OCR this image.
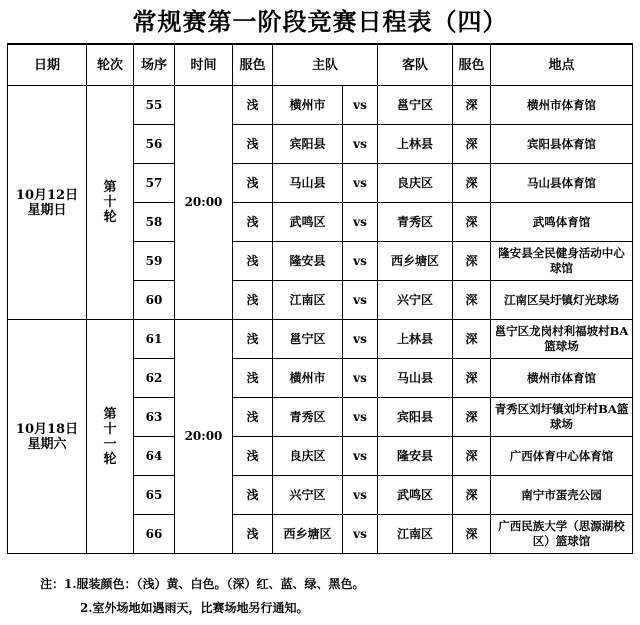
常规赛第一阶段竞赛日程表（四）
日期	轮次	场序	时间	服色	主队		客队	服色	地点

10月12日
星期日	第
十
轮	55	20:00	浅	横州市	vs	邕宁区	深	横州市体育馆
		56		浅	宾阳县	vs	上林县	深	宾阳县体育馆
		57		浅	马山县	vs	良庆区	深	马山县体育馆
		58		浅	武鸣区	vs	青秀区	深	武鸣体育馆
		59		浅	隆安县	vs	西乡塘区	深	隆安县全民健身活动中心球馆
		60		浅	江南区	vs	兴宁区	深	江南区吴圩镇灯光球场

10月18日
星期六	第
十
一
轮	61	20:00	浅	邕宁区	vs	上林县	深	邕宁区龙岗村利福坡村BA篮球场
		62		浅	横州市	vs	马山县	深	横州市体育馆
		63		浅	青秀区	vs	宾阳县	深	青秀区刘圩镇刘圩村BA篮球场
		64		浅	良庆区	vs	隆安县	深	广西体育中心体育馆
		65		浅	兴宁区	vs	武鸣区	深	南宁市蛋壳公园
		66		浅	西乡塘区	vs	江南区	深	广西民族大学（思源湖校区）篮球馆
注：1.服装颜色：（浅）黄、白色。（深）红、蓝、绿、黑色。
2.室外场地如遇雨天，比赛场地另行通知。
